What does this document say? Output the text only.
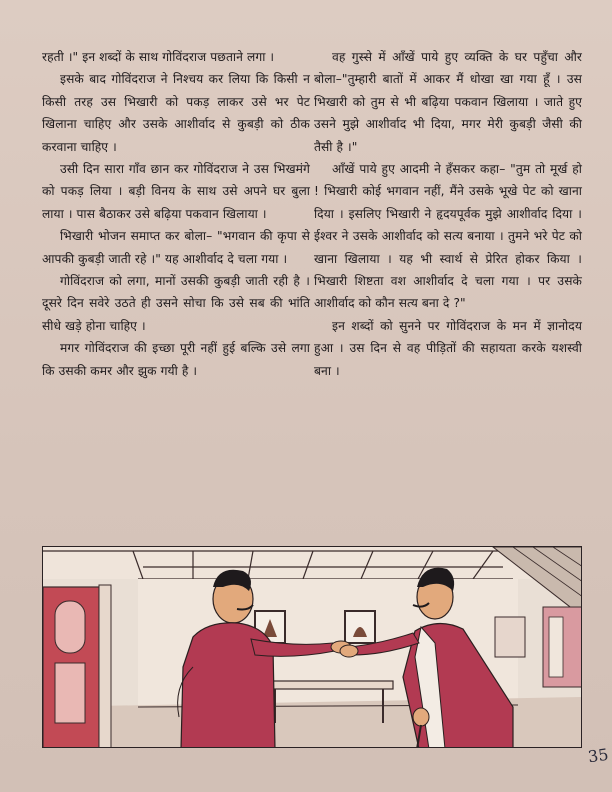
रहती ।" इन शब्दों के साथ गोविंदराज पछताने लगा ।

इसके बाद गोविंदराज ने निश्चय कर लिया कि किसी न किसी तरह उस भिखारी को पकड़ लाकर उसे भर पेट खिलाना चाहिए और उसके आशीर्वाद से कुबड़ी को ठीक करवाना चाहिए ।

उसी दिन सारा गाँव छान कर गोविंदराज ने उस भिखमंगे को पकड़ लिया । बड़ी विनय के साथ उसे अपने घर बुला लाया । पास बैठाकर उसे बढ़िया पकवान खिलाया ।

भिखारी भोजन समाप्त कर बोला– "भगवान की कृपा से आपकी कुबड़ी जाती रहे ।" यह आशीर्वाद दे चला गया ।

गोविंदराज को लगा, मानों उसकी कुबड़ी जाती रही है । दूसरे दिन सवेरे उठते ही उसने सोचा कि उसे सब की भांति सीधे खड़े होना चाहिए ।

मगर गोविंदराज की इच्छा पूरी नहीं हुई बल्कि उसे लगा कि उसकी कमर और झुक गयी है ।

वह गुस्से में आँखें पाये हुए व्यक्ति के घर पहुँचा और बोला–"तुम्हारी बातों में आकर मैं धोखा खा गया हूँ । उस भिखारी को तुम से भी बढ़िया पकवान खिलाया । जाते हुए उसने मुझे आशीर्वाद भी दिया, मगर मेरी कुबड़ी जैसी की तैसी है ।"

आँखें पाये हुए आदमी ने हँसकर कहा– "तुम तो मूर्ख हो ! भिखारी कोई भगवान नहीं, मैंने उसके भूखे पेट को खाना दिया । इसलिए भिखारी ने हृदयपूर्वक मुझे आशीर्वाद दिया । ईश्वर ने उसके आशीर्वाद को सत्य बनाया । तुमने भरे पेट को खाना खिलाया । यह भी स्वार्थ से प्रेरित होकर किया । भिखारी शिष्टता वश आशीर्वाद दे चला गया । पर उसके आशीर्वाद को कौन सत्य बना दे ?"

इन शब्दों को सुनने पर गोविंदराज के मन में ज्ञानोदय हुआ । उस दिन से वह पीड़ितों की सहायता करके यशस्वी बना ।

35
